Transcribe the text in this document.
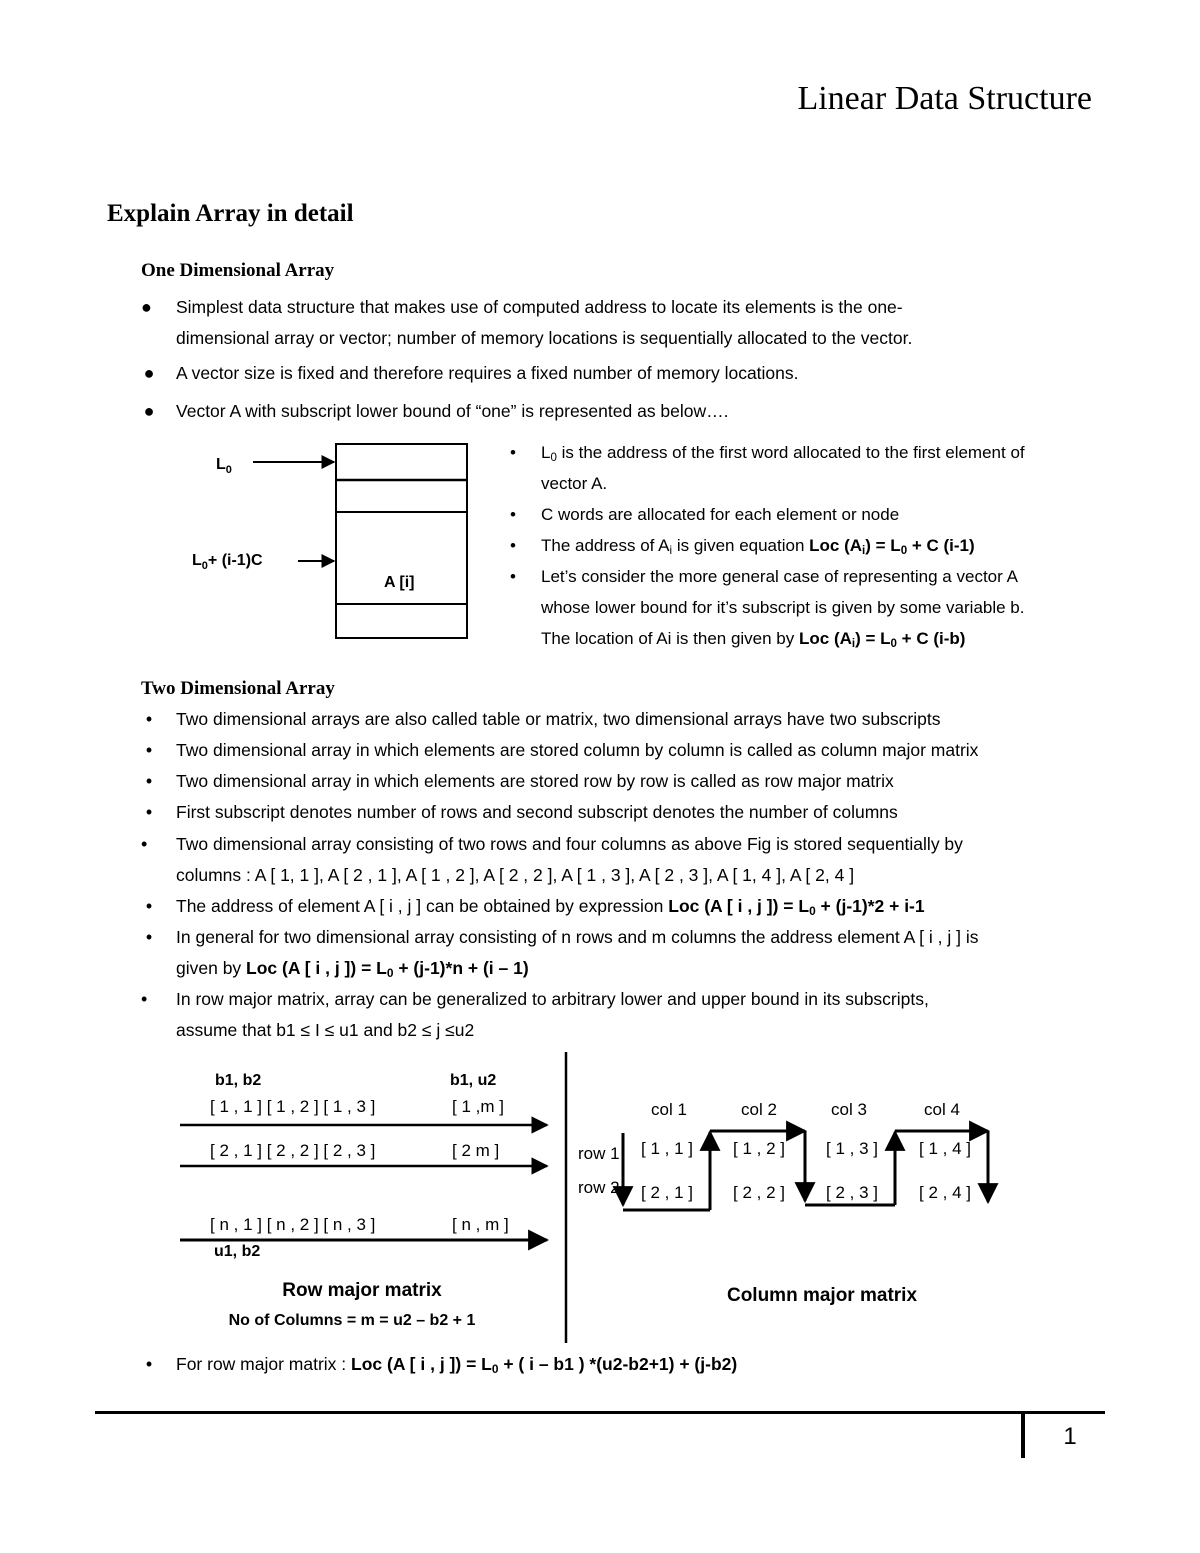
Linear Data Structure
Explain Array in detail
One Dimensional Array

● Simplest data structure that makes use of computed address to locate its elements is the one-
dimensional array or vector; number of memory locations is sequentially allocated to the vector.

● A vector size is fixed and therefore requires a fixed number of memory locations.

● Vector A with subscript lower bound of “one” is represented as below….

$L_0$
$L_0+ (i-1)C$
A [i]

• $L_0$ is the address of the first word allocated to the first element of
vector A.

• C words are allocated for each element or node

• The address of $A_i$ is given equation Loc $(A_i) = L_0 + C$ (i-1)

• Let’s consider the more general case of representing a vector A
whose lower bound for it’s subscript is given by some variable b.
The location of Ai is then given by Loc $(A_i) = L_0 + C$ (i-b)

Two Dimensional Array

• Two dimensional arrays are also called table or matrix, two dimensional arrays have two subscripts

• Two dimensional array in which elements are stored column by column is called as column major matrix

• Two dimensional array in which elements are stored row by row is called as row major matrix

• First subscript denotes number of rows and second subscript denotes the number of columns

•	Two dimensional array consisting of two rows and four columns as above Fig is stored sequentially by
columns : A [ 1, 1 ], A [ 2 , 1 ], A [ 1 , 2 ], A [ 2 , 2 ], A [ 1 , 3 ], A [ 2 , 3 ], A [ 1, 4 ], A [ 2, 4 ]

• The address of element A [ i , j ] can be obtained by expression Loc (A [ i , j ]) = $L_0 + (j-1)*2 + i-1$

• In general for two dimensional array consisting of n rows and m columns the address element A [ i , j ] is
given by Loc (A [ i , j ]) = $L_0 + (j-1)*n + (i - 1)$

•	In row major matrix, array can be generalized to arbitrary lower and upper bound in its subscripts,
assume that b1 ≤ I ≤ u1 and b2 ≤ j ≤u2

b1, b2	b1, u2
[ 1 , 1 ] [ 1 , 2 ] [ 1 , 3 ]	[ 1 ,m ]
[ 2 , 1 ] [ 2 , 2 ] [ 2 , 3 ]	[ 2 m ]
[ n , 1 ] [ n , 2 ] [ n , 3 ]	[ n , m ]
u1, b2
Row major matrix
No of Columns = m = u2 – b2 + 1
col 1	col 2	col 3	col 4
row 1
row 2
[ 1 , 1 ] [ 1 , 2 ] [ 1 , 3 ] [ 1 , 4 ]
[ 2 , 1 ] [ 2 , 2 ] [ 2 , 3 ] [ 2 , 4 ]
Column major matrix

• For row major matrix : Loc (A [ i , j ]) = $L_0$ + ( i – b1 ) *(u2-b2+1) + (j-b2)

1
